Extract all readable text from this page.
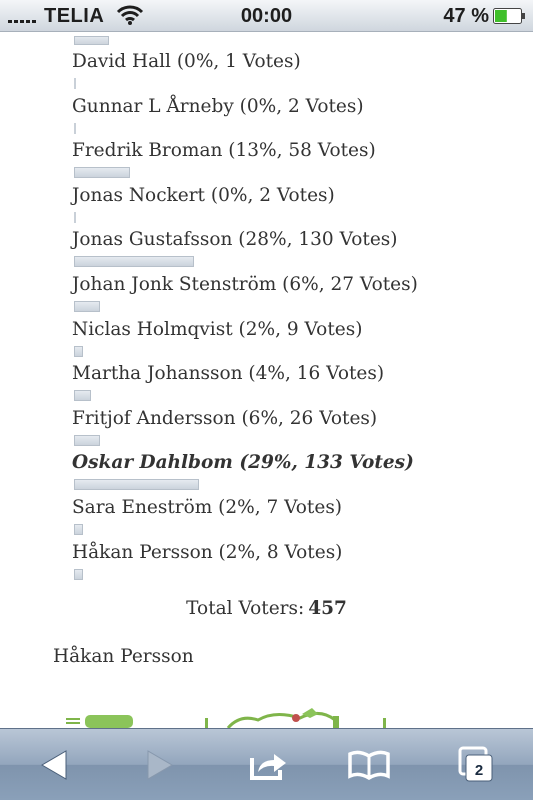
TELIA	00:00	47 %
David Hall (0%, 1 Votes)
Gunnar L Årneby (0%, 2 Votes)
Fredrik Broman (13%, 58 Votes)
Jonas Nockert (0%, 2 Votes)
Jonas Gustafsson (28%, 130 Votes)
Johan Jonk Stenström (6%, 27 Votes)
Niclas Holmqvist (2%, 9 Votes)
Martha Johansson (4%, 16 Votes)
Fritjof Andersson (6%, 26 Votes)
Oskar Dahlbom (29%, 133 Votes)
Sara Eneström (2%, 7 Votes)
Håkan Persson (2%, 8 Votes)
Total Voters: 457
Håkan Persson
2
